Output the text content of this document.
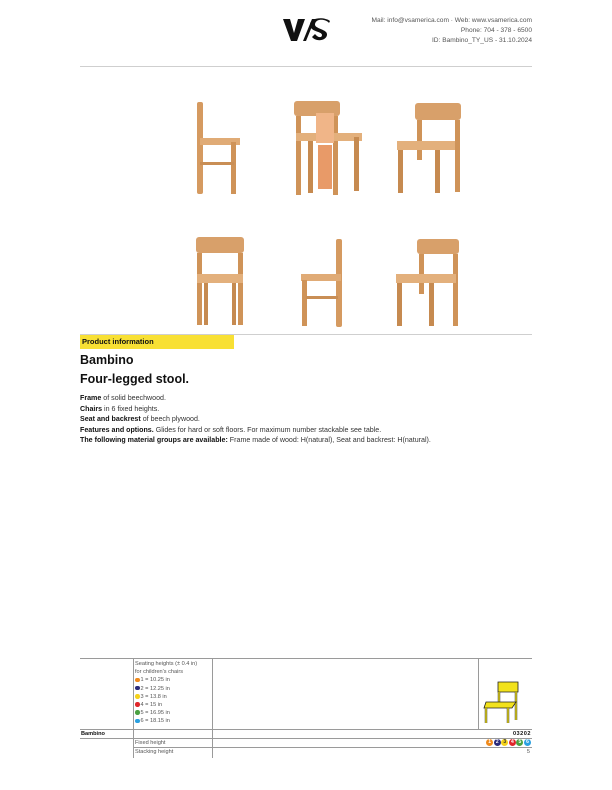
Mail: info@vsamerica.com · Web: www.vsamerica.com
Phone: 704 - 378 - 6500
ID: Bambino_TY_US - 31.10.2024
Product information
Bambino
Four-legged stool.

Frame of solid beechwood.

Chairs in 6 fixed heights.

Seat and backrest of beech plywood.

Features and options. Glides for hard or soft floors. For maximum number stackable see table.

The following material groups are available: Frame made of wood: H(natural), Seat and backrest: H(natural).

Seating heights (± 0.4 in)
for children's chairs
1 = 10.25 in
2 = 12.25 in
3 = 13.8 in
4 = 15 in
5 = 16.95 in
6 = 18.15 in
Bambino	03202
Fixed height	1 2 3 4 5 6
Stacking height	5
